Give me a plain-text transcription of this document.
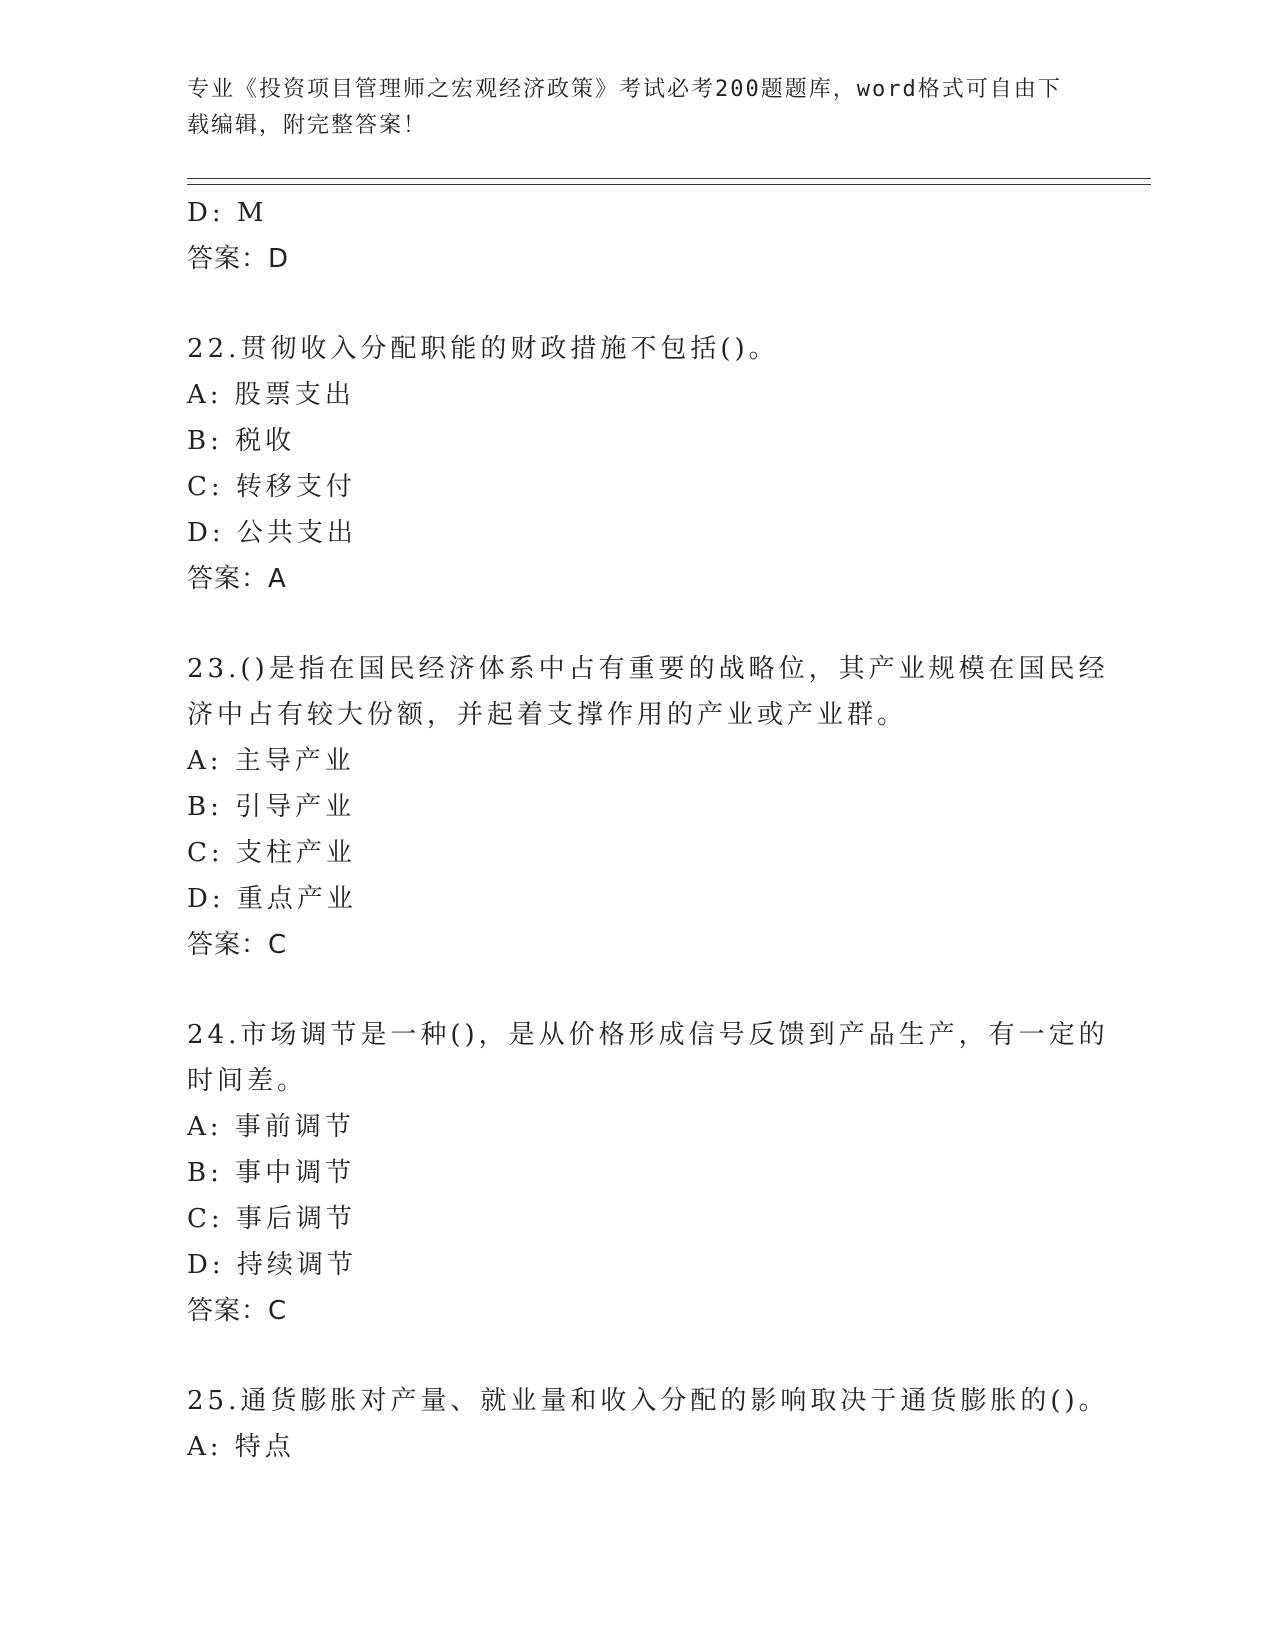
专业《投资项目管理师之宏观经济政策》考试必考200题题库，word格式可自由下载编辑，附完整答案！
D: M
答案：D
22.贯彻收入分配职能的财政措施不包括()。
A: 股票支出
B: 税收
C: 转移支付
D: 公共支出
答案：A
23.()是指在国民经济体系中占有重要的战略位，其产业规模在国民经
济中占有较大份额，并起着支撑作用的产业或产业群。
A: 主导产业
B: 引导产业
C: 支柱产业
D: 重点产业
答案：C
24.市场调节是一种()，是从价格形成信号反馈到产品生产，有一定的
时间差。
A: 事前调节
B: 事中调节
C: 事后调节
D: 持续调节
答案：C
25.通货膨胀对产量、就业量和收入分配的影响取决于通货膨胀的()。
A: 特点
